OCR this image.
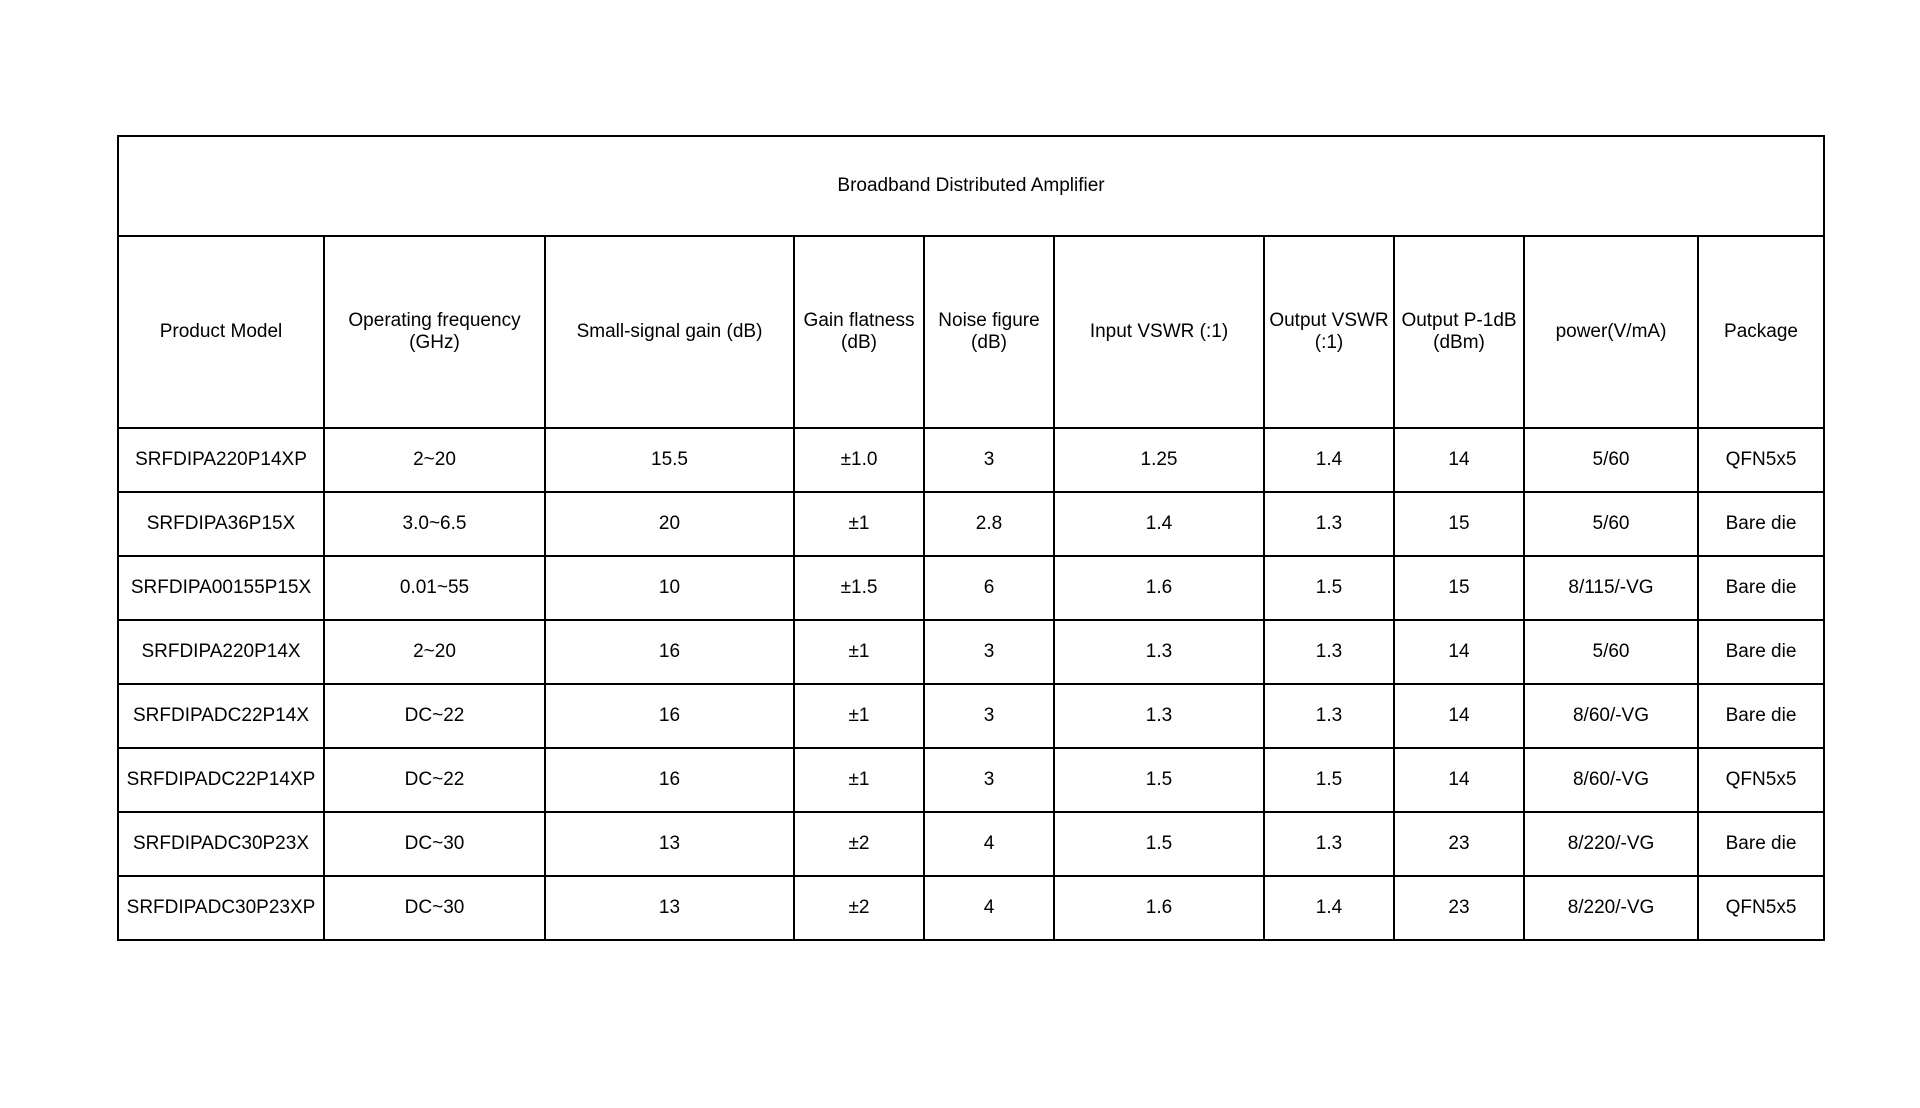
Broadband Distributed Amplifier									
Product Model	Operating frequency (GHz)	Small-signal gain (dB)	Gain flatness (dB)	Noise figure (dB)	Input VSWR (:1)	Output VSWR (:1)	Output P-1dB (dBm)	power(V/mA)	Package
SRFDIPA220P14XP	2~20	15.5	±1.0	3	1.25	1.4	14	5/60	QFN5x5
SRFDIPA36P15X	3.0~6.5	20	±1	2.8	1.4	1.3	15	5/60	Bare die
SRFDIPA00155P15X	0.01~55	10	±1.5	6	1.6	1.5	15	8/115/-VG	Bare die
SRFDIPA220P14X	2~20	16	±1	3	1.3	1.3	14	5/60	Bare die
SRFDIPADC22P14X	DC~22	16	±1	3	1.3	1.3	14	8/60/-VG	Bare die
SRFDIPADC22P14XP	DC~22	16	±1	3	1.5	1.5	14	8/60/-VG	QFN5x5
SRFDIPADC30P23X	DC~30	13	±2	4	1.5	1.3	23	8/220/-VG	Bare die
SRFDIPADC30P23XP	DC~30	13	±2	4	1.6	1.4	23	8/220/-VG	QFN5x5
